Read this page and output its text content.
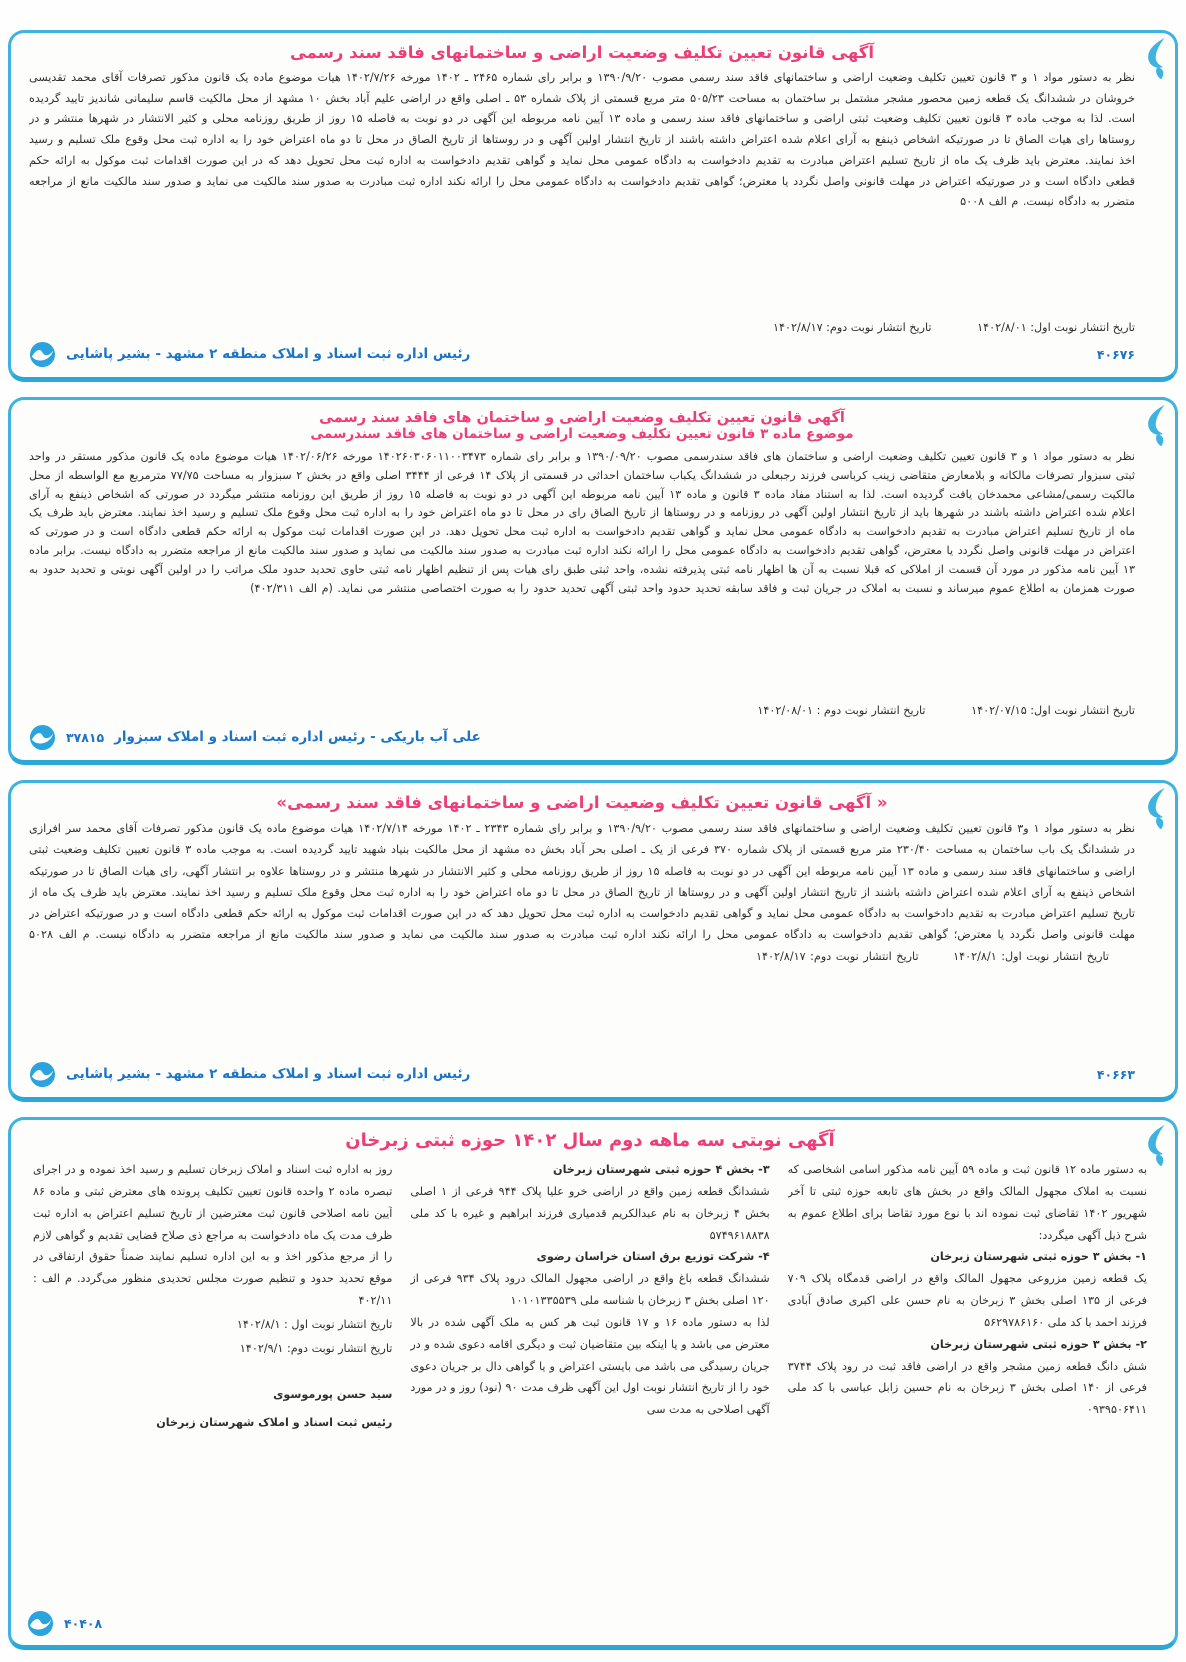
آگهی قانون تعیین تکلیف وضعیت اراضی و ساختمانهای فاقد سند رسمی

نظر به دستور مواد ۱ و ۳ قانون تعیین تکلیف وضعیت اراضی و ساختمانهای فاقد سند رسمی مصوب ۱۳۹۰/۹/۲۰ و برابر رای شماره ۲۴۶۵ ـ ۱۴۰۲ مورخه ۱۴۰۲/۷/۲۶ هیات موضوع ماده یک قانون مذکور تصرفات آقای محمد تقدیسی خروشان در ششدانگ یک قطعه زمین محصور مشجر مشتمل بر ساختمان به مساحت ۵۰۵/۲۳ متر مربع قسمتی از پلاک شماره ۵۳ ـ اصلی واقع در اراضی علیم آباد بخش ۱۰ مشهد از محل مالکیت قاسم سلیمانی شاندیز تایید گردیده است. لذا به موجب ماده ۳ قانون تعیین تکلیف وضعیت ثبتی اراضی و ساختمانهای فاقد سند رسمی و ماده ۱۳ آیین نامه مربوطه این آگهی در دو نوبت به فاصله ۱۵ روز از طریق روزنامه محلی و کثیر الانتشار در شهرها منتشر و در روستاها رای هیات الصاق تا در صورتیکه اشخاص ذینفع به آرای اعلام شده اعتراض داشته باشند از تاریخ انتشار اولین آگهی و در روستاها از تاریخ الصاق در محل تا دو ماه اعتراض خود را به اداره ثبت محل وقوع ملک تسلیم و رسید اخذ نمایند. معترض باید ظرف یک ماه از تاریخ تسلیم اعتراض مبادرت به تقدیم دادخواست به دادگاه عمومی محل نماید و گواهی تقدیم دادخواست به اداره ثبت محل تحویل دهد که در این صورت اقدامات ثبت موکول به ارائه حکم قطعی دادگاه است و در صورتیکه اعتراض در مهلت قانونی واصل نگردد یا معترض؛ گواهی تقدیم دادخواست به دادگاه عمومی محل را ارائه نکند اداره ثبت مبادرت به صدور سند مالکیت می نماید و صدور سند مالکیت مانع از مراجعه متضرر به دادگاه نیست. م الف ۵۰۰۸

تاریخ انتشار نوبت اول: ۱۴۰۲/۸/۰۱ تاریخ انتشار نوبت دوم: ۱۴۰۲/۸/۱۷
رئیس اداره ثبت اسناد و املاک منطقه ۲ مشهد - بشیر پاشایی	۴۰۶۷۶
آگهی قانون تعیین تکلیف وضعیت اراضی و ساختمان های فاقد سند رسمی
موضوع ماده ۳ قانون تعیین تکلیف وضعیت اراضی و ساختمان های فاقد سندرسمی

نظر به دستور مواد ۱ و ۳ قانون تعیین تکلیف وضعیت اراضی و ساختمان های فاقد سندرسمی مصوب ۱۳۹۰/۰۹/۲۰ و برابر رای شماره ۱۴۰۲۶۰۳۰۶۰۱۱۰۰۳۴۷۳ مورخه ۱۴۰۲/۰۶/۲۶ هیات موضوع ماده یک قانون مذکور مستقر در واحد ثبتی سبزوار تصرفات مالکانه و بلامعارض متقاضی زینب کرباسی فرزند رجبعلی در ششدانگ یکباب ساختمان احداثی در قسمتی از پلاک ۱۴ فرعی از ۳۴۴۴ اصلی واقع در بخش ۲ سبزوار به مساحت ۷۷/۷۵ مترمربع مع الواسطه از محل مالکیت رسمی/مشاعی محمدخان یافت گردیده است. لذا به استناد مفاد ماده ۳ قانون و ماده ۱۳ آیین نامه مربوطه این آگهی در دو نوبت به فاصله ۱۵ روز از طریق این روزنامه منتشر میگردد در صورتی که اشخاص ذینفع به آرای اعلام شده اعتراض داشته باشند در شهرها باید از تاریخ انتشار اولین آگهی در روزنامه و در روستاها از تاریخ الصاق رای در محل تا دو ماه اعتراض خود را به اداره ثبت محل وقوع ملک تسلیم و رسید اخذ نمایند. معترض باید ظرف یک ماه از تاریخ تسلیم اعتراض مبادرت به تقدیم دادخواست به دادگاه عمومی محل نماید و گواهی تقدیم دادخواست به اداره ثبت محل تحویل دهد. در این صورت اقدامات ثبت موکول به ارائه حکم قطعی دادگاه است و در صورتی که اعتراض در مهلت قانونی واصل نگردد یا معترض، گواهی تقدیم دادخواست به دادگاه عمومی محل را ارائه نکند اداره ثبت مبادرت به صدور سند مالکیت می نماید و صدور سند مالکیت مانع از مراجعه متضرر به دادگاه نیست. برابر ماده ۱۳ آیین نامه مذکور در مورد آن قسمت از املاکی که قبلا نسبت به آن ها اظهار نامه ثبتی پذیرفته نشده، واحد ثبتی طبق رای هیات پس از تنظیم اظهار نامه ثبتی حاوی تحدید حدود ملک مراتب را در اولین آگهی نوبتی و تحدید حدود به صورت همزمان به اطلاع عموم میرساند و نسبت به املاک در جریان ثبت و فاقد سابقه تحدید حدود واحد ثبتی آگهی تحدید حدود را به صورت اختصاصی منتشر می نماید. (م الف ۴۰۲/۳۱۱)

تاریخ انتشار نوبت اول: ۱۴۰۲/۰۷/۱۵ تاریخ انتشار نوبت دوم : ۱۴۰۲/۰۸/۰۱
۳۷۸۱۵ علی آب باریکی - رئیس اداره ثبت اسناد و املاک سبزوار
« آگهی قانون تعیین تکلیف وضعیت اراضی و ساختمانهای فاقد سند رسمی»

نظر به دستور مواد ۱ و۳ قانون تعیین تکلیف وضعیت اراضی و ساختمانهای فاقد سند رسمی مصوب ۱۳۹۰/۹/۲۰ و برابر رای شماره ۲۳۴۳ ـ ۱۴۰۲ مورخه ۱۴۰۲/۷/۱۴ هیات موضوع ماده یک قانون مذکور تصرفات آقای محمد سر افرازی در ششدانگ یک باب ساختمان به مساحت ۲۳۰/۴۰ متر مربع قسمتی از پلاک شماره ۳۷۰ فرعی از یک ـ اصلی بحر آباد بخش ده مشهد از محل مالکیت بنیاد شهید تایید گردیده است. به موجب ماده ۳ قانون تعیین تکلیف وضعیت ثبتی اراضی و ساختمانهای فاقد سند رسمی و ماده ۱۳ آیین نامه مربوطه این آگهی در دو نوبت به فاصله ۱۵ روز از طریق روزنامه محلی و کثیر الانتشار در شهرها منتشر و در روستاها علاوه بر انتشار آگهی، رای هیات الصاق تا در صورتیکه اشخاص ذینفع به آرای اعلام شده اعتراض داشته باشند از تاریخ انتشار اولین آگهی و در روستاها از تاریخ الصاق در محل تا دو ماه اعتراض خود را به اداره ثبت محل وقوع ملک تسلیم و رسید اخذ نمایند. معترض باید ظرف یک ماه از تاریخ تسلیم اعتراض مبادرت به تقدیم دادخواست به دادگاه عمومی محل نماید و گواهی تقدیم دادخواست به اداره ثبت محل تحویل دهد که در این صورت اقدامات ثبت موکول به ارائه حکم قطعی دادگاه است و در صورتیکه اعتراض در مهلت قانونی واصل نگردد یا معترض؛ گواهی تقدیم دادخواست به دادگاه عمومی محل را ارائه نکند اداره ثبت مبادرت به صدور سند مالکیت می نماید و صدور سند مالکیت مانع از مراجعه متضرر به دادگاه نیست. م الف ۵۰۲۸ تاریخ انتشار نوبت اول: ۱۴۰۲/۸/۱ تاریخ انتشار نوبت دوم: ۱۴۰۲/۸/۱۷

رئیس اداره ثبت اسناد و املاک منطقه ۲ مشهد - بشیر پاشایی	۴۰۶۶۳
آگهی نوبتی سه ماهه دوم سال ۱۴۰۲ حوزه ثبتی زبرخان

به دستور ماده ۱۲ قانون ثبت و ماده ۵۹ آیین نامه مذکور اسامی اشخاصی که نسبت به املاک مجهول المالک واقع در بخش های تابعه حوزه ثبتی تا آخر شهریور ۱۴۰۲ تقاضای ثبت نموده اند با نوع مورد تقاضا برای اطلاع عموم به شرح ذیل آگهی میگردد:

۱- بخش ۳ حوزه ثبتی شهرستان زبرخان

یک قطعه زمین مزروعی مجهول المالک واقع در اراضی قدمگاه پلاک ۷۰۹ فرعی از ۱۳۵ اصلی بخش ۳ زبرخان به نام حسن علی اکبری صادق آبادی فرزند احمد با کد ملی ۵۶۲۹۷۸۶۱۶۰

۲- بخش ۳ حوزه ثبتی شهرستان زبرخان

شش دانگ قطعه زمین مشجر واقع در اراضی فاقد ثبت در رود پلاک ۳۷۴۴ فرعی از ۱۴۰ اصلی بخش ۳ زبرخان به نام حسین زابل عباسی با کد ملی ۰۹۳۹۵۰۶۴۱۱

۳- بخش ۴ حوزه ثبتی شهرستان زبرخان

ششدانگ قطعه زمین واقع در اراضی خرو علیا پلاک ۹۴۴ فرعی از ۱ اصلی بخش ۴ زبرخان به نام عبدالکریم قدمیاری فرزند ابراهیم و غیره با کد ملی ۵۷۴۹۶۱۸۸۳۸

۴- شرکت توزیع برق استان خراسان رضوی

ششدانگ قطعه باغ واقع در اراضی مجهول المالک درود پلاک ۹۳۴ فرعی از ۱۲۰ اصلی بخش ۳ زبرخان با شناسه ملی ۱۰۱۰۱۳۳۵۵۳۹

لذا به دستور ماده ۱۶ و ۱۷ قانون ثبت هر کس به ملک آگهی شده در بالا معترض می باشد و یا اینکه بین متقاضیان ثبت و دیگری اقامه دعوی شده و در جریان رسیدگی می باشد می بایستی اعتراض و یا گواهی دال بر جریان دعوی خود را از تاریخ انتشار نوبت اول این آگهی ظرف مدت ۹۰ (نود) روز و در مورد آگهی اصلاحی به مدت سی

روز به اداره ثبت اسناد و املاک زبرخان تسلیم و رسید اخذ نموده و در اجرای تبصره ماده ۲ واحده قانون تعیین تکلیف پرونده های معترض ثبتی و ماده ۸۶ آیین نامه اصلاحی قانون ثبت معترضین از تاریخ تسلیم اعتراض به اداره ثبت ظرف مدت یک ماه دادخواست به مراجع ذی صلاح قضایی تقدیم و گواهی لازم را از مرجع مذکور اخذ و به این اداره تسلیم نمایند ضمناً حقوق ارتفاقی در موقع تحدید حدود و تنظیم صورت مجلس تحدیدی منظور می‌گردد. م الف : ۴۰۲/۱۱

تاریخ انتشار نوبت اول : ۱۴۰۲/۸/۱

تاریخ انتشار نوبت دوم: ۱۴۰۲/۹/۱

سید حسن پورموسوی

رئیس ثبت اسناد و املاک شهرستان زبرخان

۴۰۴۰۸
